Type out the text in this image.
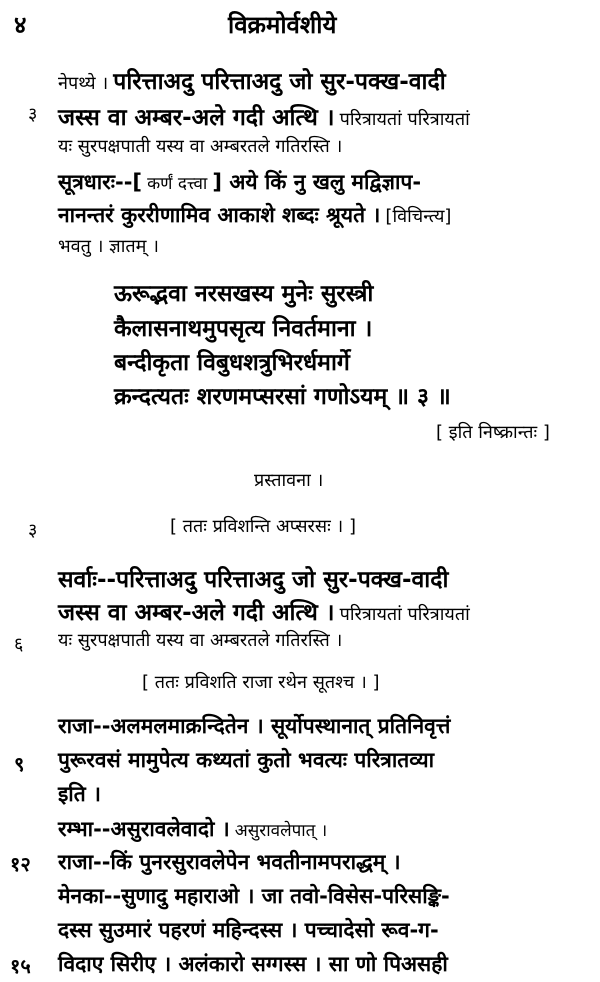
४	विक्रमोर्वशीये
नेपथ्ये । परित्ताअदु परित्ताअदु जो सुर-पक्ख-वादी
३ जस्स वा अम्बर-अले गदी अत्थि । परित्रायतां परित्रायतां
यः सुरपक्षपाती यस्य वा अम्बरतले गतिरस्ति ।
सूत्रधारः--[ कर्णं दत्त्वा ] अये किं नु खलु मद्विज्ञाप-
नानन्तरं कुररीणामिव आकाशे शब्दः श्रूयते । [विचिन्त्य]
भवतु । ज्ञातम् ।
ऊरूद्भवा नरसखस्य मुनेः सुरस्त्री
कैलासनाथमुपसृत्य निवर्तमाना ।
बन्दीकृता विबुधशत्रुभिरर्धमार्गे
क्रन्दत्यतः शरणमप्सरसां गणोऽयम् ॥ ३ ॥
[ इति निष्क्रान्तः ]
प्रस्तावना ।
३	[ ततः प्रविशन्ति अप्सरसः । ]
सर्वाः--परित्ताअदु परित्ताअदु जो सुर-पक्ख-वादी
जस्स वा अम्बर-अले गदी अत्थि । परित्रायतां परित्रायतां
६ यः सुरपक्षपाती यस्य वा अम्बरतले गतिरस्ति ।
[ ततः प्रविशति राजा रथेन सूतश्च । ]
राजा--अलमलमाक्रन्दितेन । सूर्योपस्थानात् प्रतिनिवृत्तं
९ पुरूरवसं मामुपेत्य कथ्यतां कुतो भवत्यः परित्रातव्या
इति ।
रम्भा--असुरावलेवादो । असुरावलेपात् ।
१२ राजा--किं पुनरसुरावलेपेन भवतीनामपराद्धम् ।
मेनका--सुणादु महाराओ । जा तवो-विसेस-परिसङ्कि-
दस्स सुउमारं पहरणं महिन्दस्स । पच्चादेसो रूव-ग-
१५ विदाए सिरीए । अलंकारो सग्गस्स । सा णो पिअसही
